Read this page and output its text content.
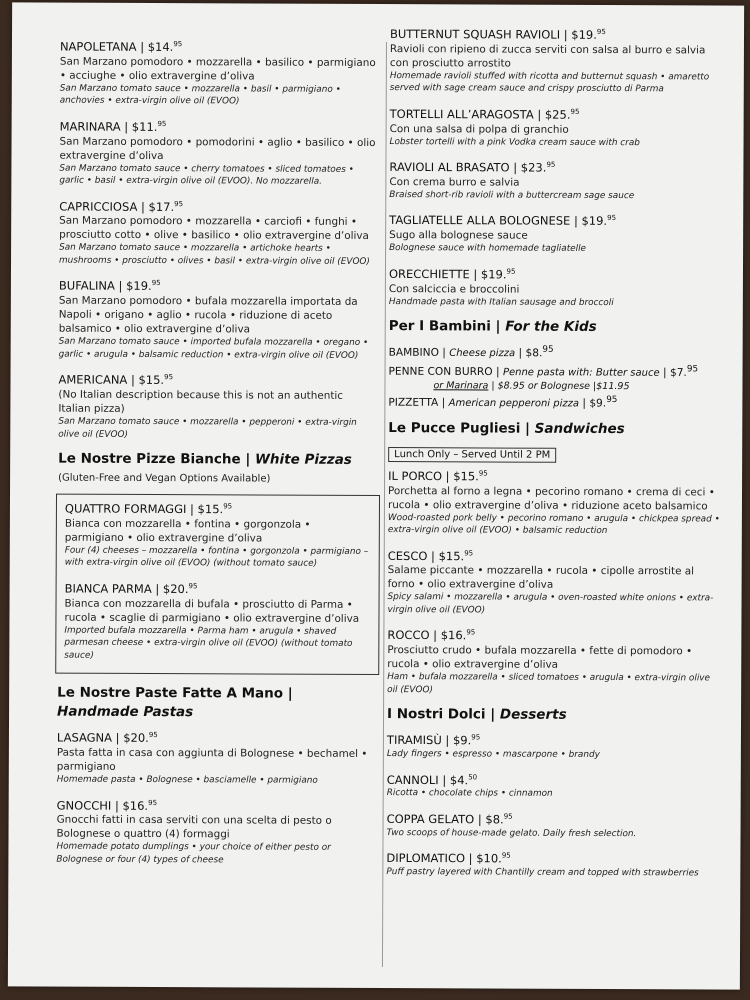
NAPOLETANA | $14.95
San Marzano pomodoro • mozzarella • basilico • parmigiano • acciughe • olio extravergine d’oliva
San Marzano tomato sauce • mozzarella • basil • parmigiano • anchovies • extra-virgin olive oil (EVOO)
MARINARA | $11.95
San Marzano pomodoro • pomodorini • aglio • basilico • olio extravergine d’oliva
San Marzano tomato sauce • cherry tomatoes • sliced tomatoes • garlic • basil • extra-virgin olive oil (EVOO). No mozzarella.
CAPRICCIOSA | $17.95
San Marzano pomodoro • mozzarella • carciofi • funghi • prosciutto cotto • olive • basilico • olio extravergine d’oliva
San Marzano tomato sauce • mozzarella • artichoke hearts • mushrooms • prosciutto • olives • basil • extra-virgin olive oil (EVOO)
BUFALINA | $19.95
San Marzano pomodoro • bufala mozzarella importata da Napoli • origano • aglio • rucola • riduzione di aceto balsamico • olio extravergine d’oliva
San Marzano tomato sauce • imported bufala mozzarella • oregano • garlic • arugula • balsamic reduction • extra-virgin olive oil (EVOO)
AMERICANA | $15.95
(No Italian description because this is not an authentic Italian pizza)
San Marzano tomato sauce • mozzarella • pepperoni • extra-virgin olive oil (EVOO)
Le Nostre Pizze Bianche | White Pizzas
(Gluten-Free and Vegan Options Available)
QUATTRO FORMAGGI | $15.95
Bianca con mozzarella • fontina • gorgonzola • parmigiano • olio extravergine d’oliva
Four (4) cheeses – mozzarella • fontina • gorgonzola • parmigiano – with extra-virgin olive oil (EVOO) (without tomato sauce)
BIANCA PARMA | $20.95
Bianca con mozzarella di bufala • prosciutto di Parma • rucola • scaglie di parmigiano • olio extravergine d’oliva
Imported bufala mozzarella • Parma ham • arugula • shaved parmesan cheese • extra-virgin olive oil (EVOO) (without tomato sauce)
Le Nostre Paste Fatte A Mano | Handmade Pastas
LASAGNA | $20.95
Pasta fatta in casa con aggiunta di Bolognese • bechamel • parmigiano
Homemade pasta • Bolognese • basciamelle • parmigiano
GNOCCHI | $16.95
Gnocchi fatti in casa serviti con una scelta di pesto o Bolognese o quattro (4) formaggi
Homemade potato dumplings • your choice of either pesto or Bolognese or four (4) types of cheese
BUTTERNUT SQUASH RAVIOLI | $19.95
Ravioli con ripieno di zucca serviti con salsa al burro e salvia con prosciutto arrostito
Homemade ravioli stuffed with ricotta and butternut squash • amaretto served with sage cream sauce and crispy prosciutto di Parma
TORTELLI ALL’ARAGOSTA | $25.95
Con una salsa di polpa di granchio
Lobster tortelli with a pink Vodka cream sauce with crab
RAVIOLI AL BRASATO | $23.95
Con crema burro e salvia
Braised short-rib ravioli with a buttercream sage sauce
TAGLIATELLE ALLA BOLOGNESE | $19.95
Sugo alla bolognese sauce
Bolognese sauce with homemade tagliatelle
ORECCHIETTE | $19.95
Con salciccia e broccolini
Handmade pasta with Italian sausage and broccoli
Per I Bambini | For the Kids
BAMBINO | Cheese pizza | $8.95
PENNE CON BURRO | Penne pasta with: Butter sauce | $7.95
or Marinara | $8.95 or Bolognese |$11.95
PIZZETTA | American pepperoni pizza | $9.95
Le Pucce Pugliesi | Sandwiches
Lunch Only – Served Until 2 PM
IL PORCO | $15.95
Porchetta al forno a legna • pecorino romano • crema di ceci • rucola • olio extravergine d’oliva • riduzione aceto balsamico
Wood-roasted pork belly • pecorino romano • arugula • chickpea spread • extra-virgin olive oil (EVOO) • balsamic reduction
CESCO | $15.95
Salame piccante • mozzarella • rucola • cipolle arrostite al forno • olio extravergine d’oliva
Spicy salami • mozzarella • arugula • oven-roasted white onions • extra-virgin olive oil (EVOO)
ROCCO | $16.95
Prosciutto crudo • bufala mozzarella • fette di pomodoro • rucola • olio extravergine d’oliva
Ham • bufala mozzarella • sliced tomatoes • arugula • extra-virgin olive oil (EVOO)
I Nostri Dolci | Desserts
TIRAMISÙ | $9.95
Lady fingers • espresso • mascarpone • brandy
CANNOLI | $4.50
Ricotta • chocolate chips • cinnamon
COPPA GELATO | $8.95
Two scoops of house-made gelato. Daily fresh selection.
DIPLOMATICO | $10.95
Puff pastry layered with Chantilly cream and topped with strawberries
